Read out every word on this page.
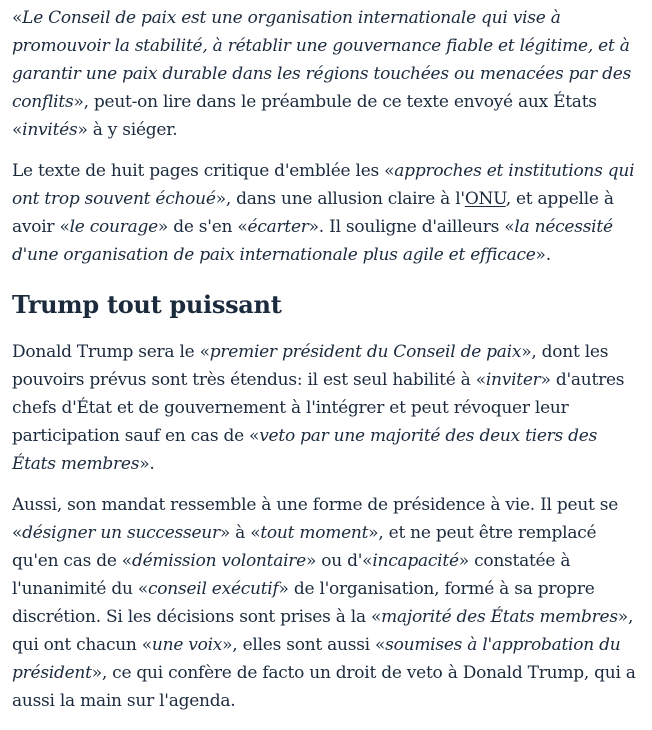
«Le Conseil de paix est une organisation internationale qui vise à promouvoir la stabilité, à rétablir une gouvernance fiable et légitime, et à garantir une paix durable dans les régions touchées ou menacées par des conflits», peut-on lire dans le préambule de ce texte envoyé aux États «invités» à y siéger.

Le texte de huit pages critique d'emblée les «approches et institutions qui ont trop souvent échoué», dans une allusion claire à l'ONU, et appelle à avoir «le courage» de s'en «écarter». Il souligne d'ailleurs «la nécessité d'une organisation de paix internationale plus agile et efficace».

Trump tout puissant

Donald Trump sera le «premier président du Conseil de paix», dont les pouvoirs prévus sont très étendus: il est seul habilité à «inviter» d'autres chefs d'État et de gouvernement à l'intégrer et peut révoquer leur participation sauf en cas de «veto par une majorité des deux tiers des États membres».

Aussi, son mandat ressemble à une forme de présidence à vie. Il peut se «désigner un successeur» à «tout moment», et ne peut être remplacé qu'en cas de «démission volontaire» ou d'«incapacité» constatée à l'unanimité du «conseil exécutif» de l'organisation, formé à sa propre discrétion. Si les décisions sont prises à la «majorité des États membres», qui ont chacun «une voix», elles sont aussi «soumises à l'approbation du président», ce qui confère de facto un droit de veto à Donald Trump, qui a aussi la main sur l'agenda.
